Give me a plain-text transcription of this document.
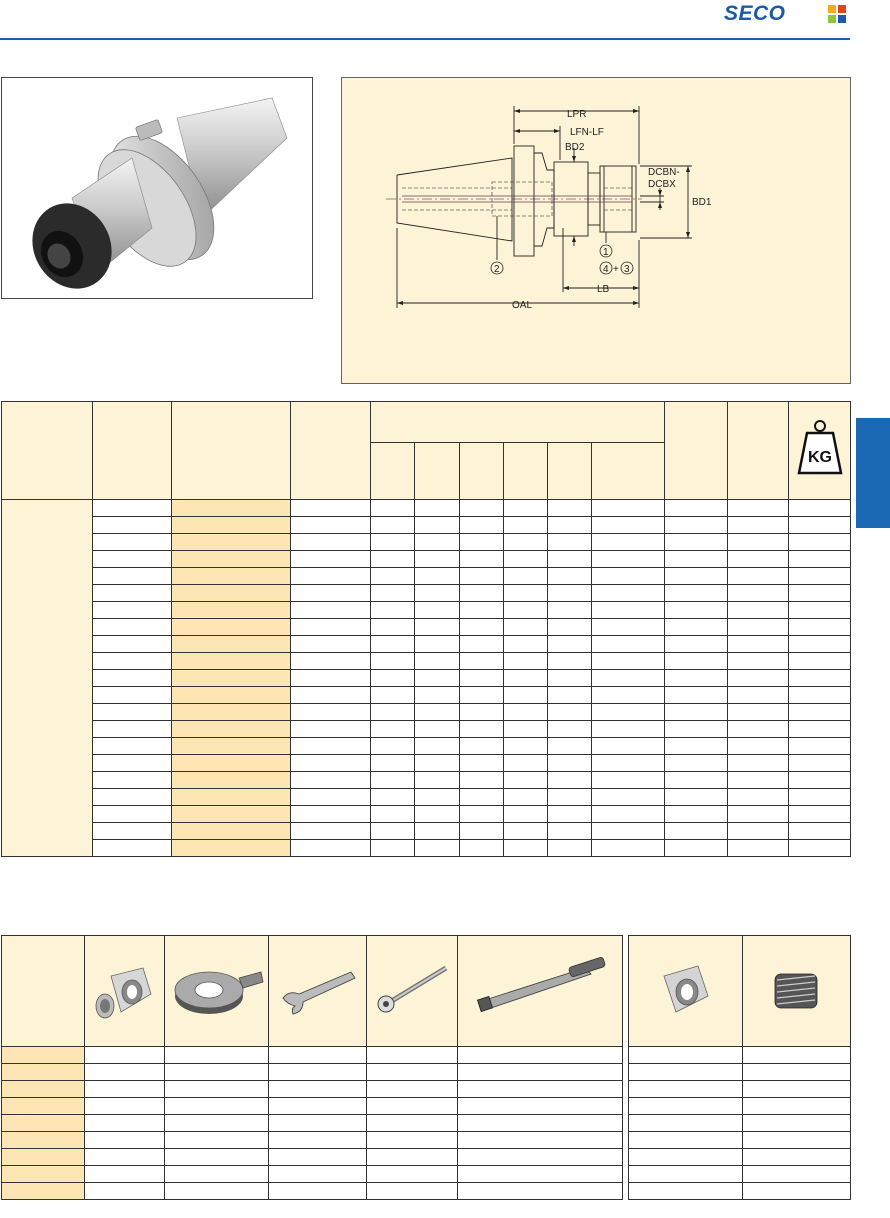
SECO
LPR
LFN-LF
BD2
DCBN-
DCBX
BD1
LB
OAL
1
2	4 + 3

KG
